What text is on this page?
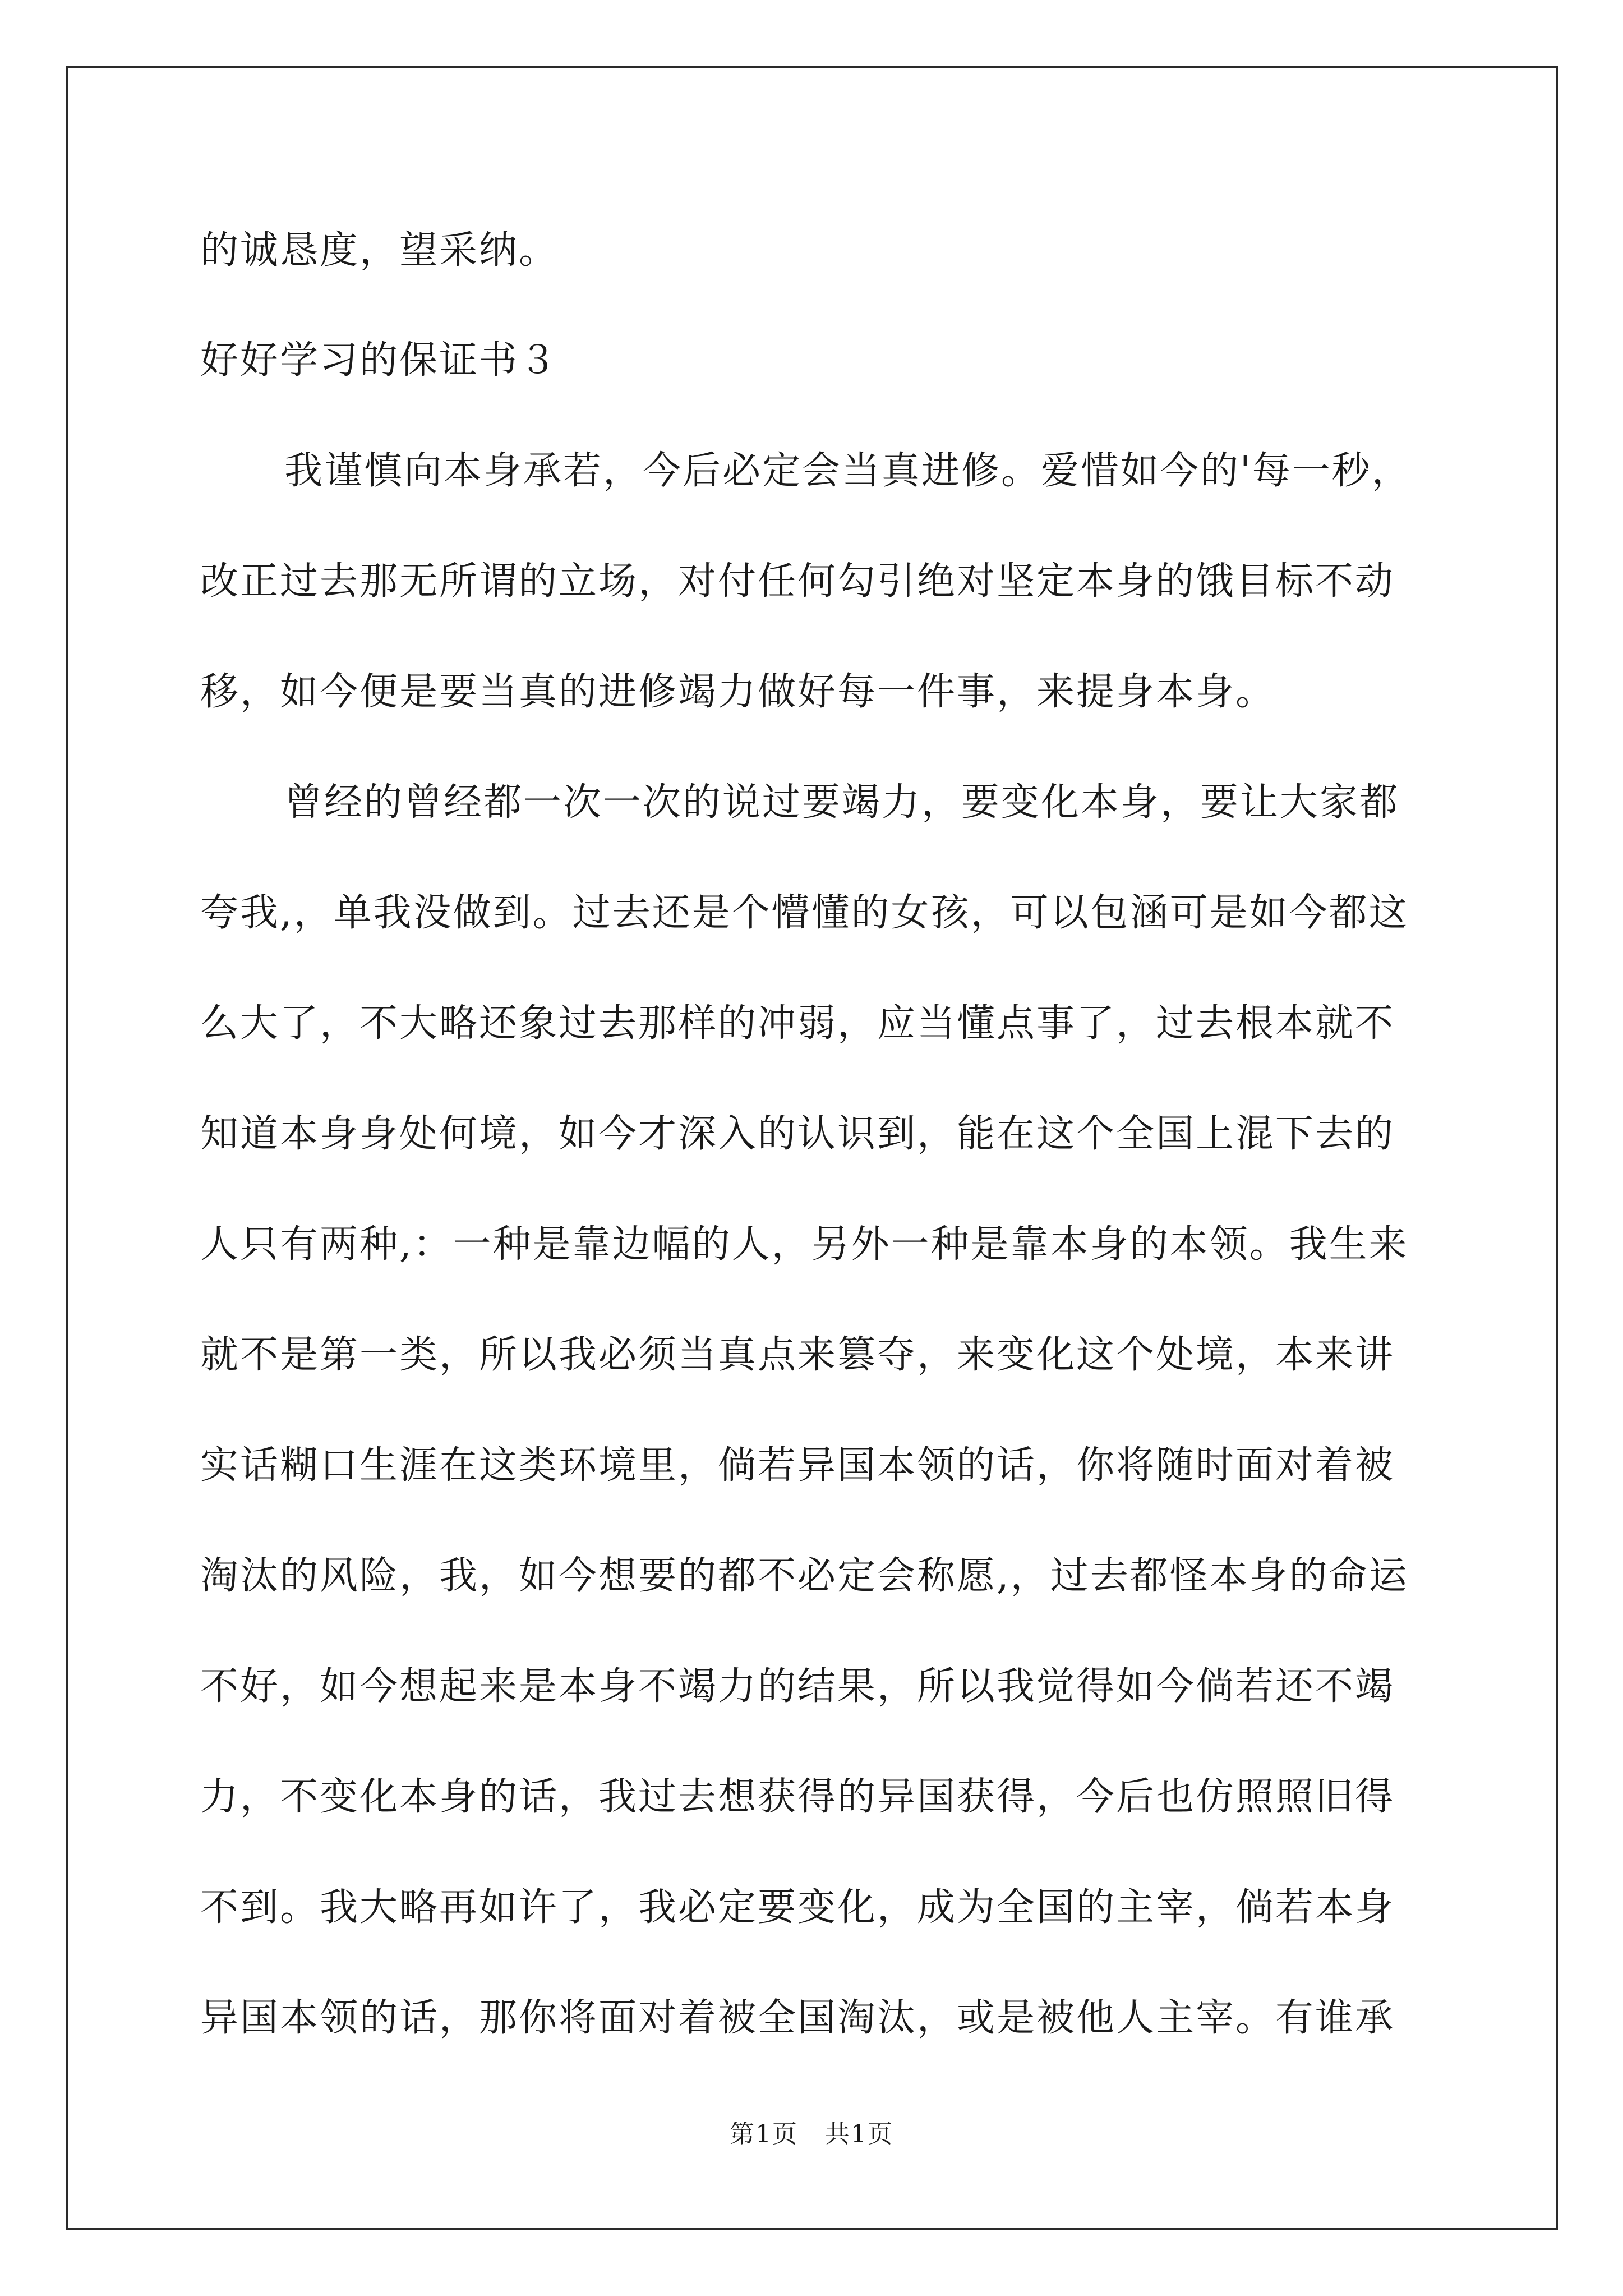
的诚恳度，望采纳。
好好学习的保证书３
我谨慎向本身承若，今后必定会当真进修。爱惜如今的'每一秒，
改正过去那无所谓的立场，对付任何勾引绝对坚定本身的饿目标不动
移，如今便是要当真的进修竭力做好每一件事，来提身本身。
曾经的曾经都一次一次的说过要竭力，要变化本身，要让大家都
夸我,，单我没做到。过去还是个懵懂的女孩，可以包涵可是如今都这
么大了，不大略还象过去那样的冲弱，应当懂点事了，过去根本就不
知道本身身处何境，如今才深入的认识到，能在这个全国上混下去的
人只有两种,：一种是靠边幅的人，另外一种是靠本身的本领。我生来
就不是第一类，所以我必须当真点来篡夺，来变化这个处境，本来讲
实话糊口生涯在这类环境里，倘若异国本领的话，你将随时面对着被
淘汰的风险，我，如今想要的都不必定会称愿,，过去都怪本身的命运
不好，如今想起来是本身不竭力的结果，所以我觉得如今倘若还不竭
力，不变化本身的话，我过去想获得的异国获得，今后也仿照照旧得
不到。我大略再如许了，我必定要变化，成为全国的主宰，倘若本身
异国本领的话，那你将面对着被全国淘汰，或是被他人主宰。有谁承
第1页 共1页
